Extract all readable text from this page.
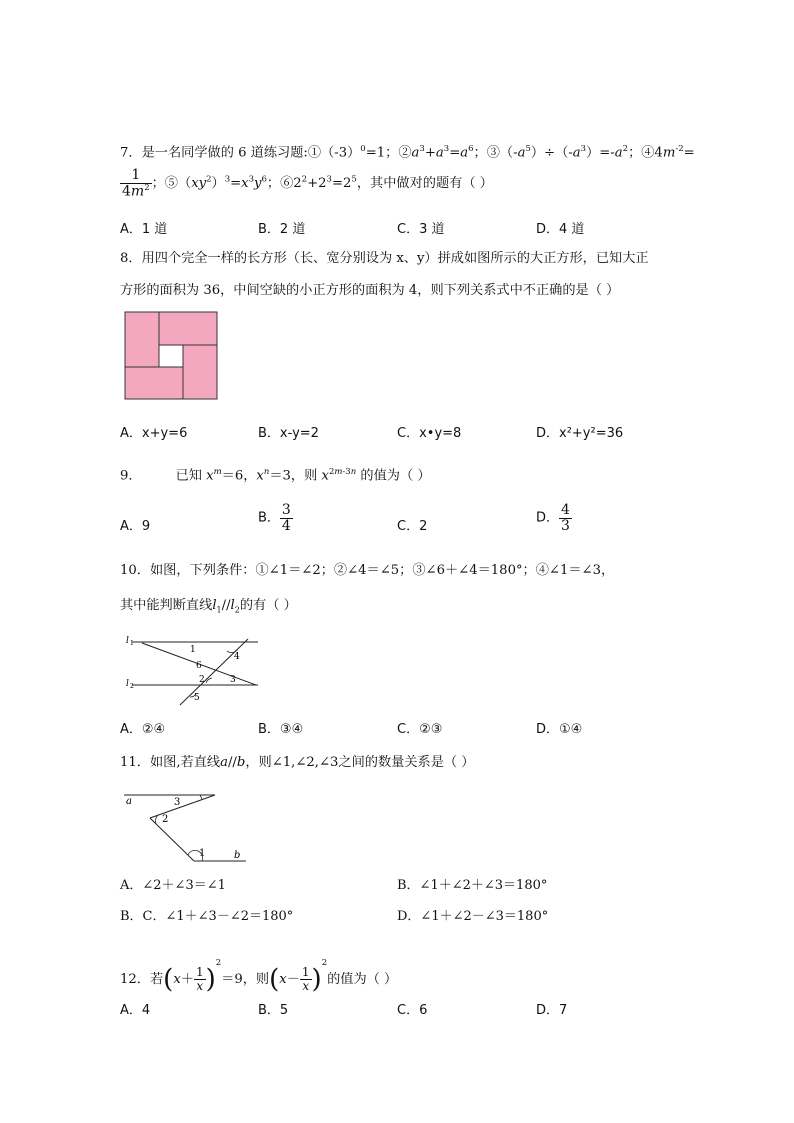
7．是一名同学做的 6 道练习题$:①(-3)^0=1$；$②a^3+a^3=a^6$；$③(-a^5)\div(-a^3)=-a^2$；$④4m^{-2}=$
$\frac{1}{4m^2}$ ；$⑤(xy^2)^3=x^3y^6$；$⑥2^2+2^3=2^5$，其中做对的题有（ ）
A．1 道	B．2 道	C．3 道	D．4 道
8．用四个完全一样的长方形（长、宽分别设为 x、y）拼成如图所示的大正方形，已知大正
方形的面积为 36，中间空缺的小正方形的面积为 4，则下列关系式中不正确的是（ ）
A．x+y=6	B．x-y=2	C．x•y=8	D．x²+y²=36
9．	已知 $x^m=6$，$x^n=3$，则 $x^{2m-3n}$ 的值为（ ）
A．9
B． $\frac{3}{4}$	C．2
D． $\frac{4}{3}$
10．如图，下列条件：①∠1＝∠2；②∠4＝∠5；③∠6＋∠4＝180°；④∠1＝∠3，
其中能判断直线$l_1//l_2$的有（ ）
l 1
l 2
1
4
6
2	3
5
A．②④	B．③④	C．②③	D．①④
11．如图,若直线a//b，则∠1,∠2,∠3之间的数量关系是（ ）
a
b
3
2
1
A．∠2＋∠3＝∠1	B．∠1＋∠2＋∠3＝180°
B．C．∠1＋∠3－∠2＝180°	D．∠1＋∠2－∠3＝180°
12．若$(x+ \frac{1}{x} )^2=9$，则$(x- \frac{1}{x} )^2$的值为（ ）
A．4	B．5	C．6	D．7
